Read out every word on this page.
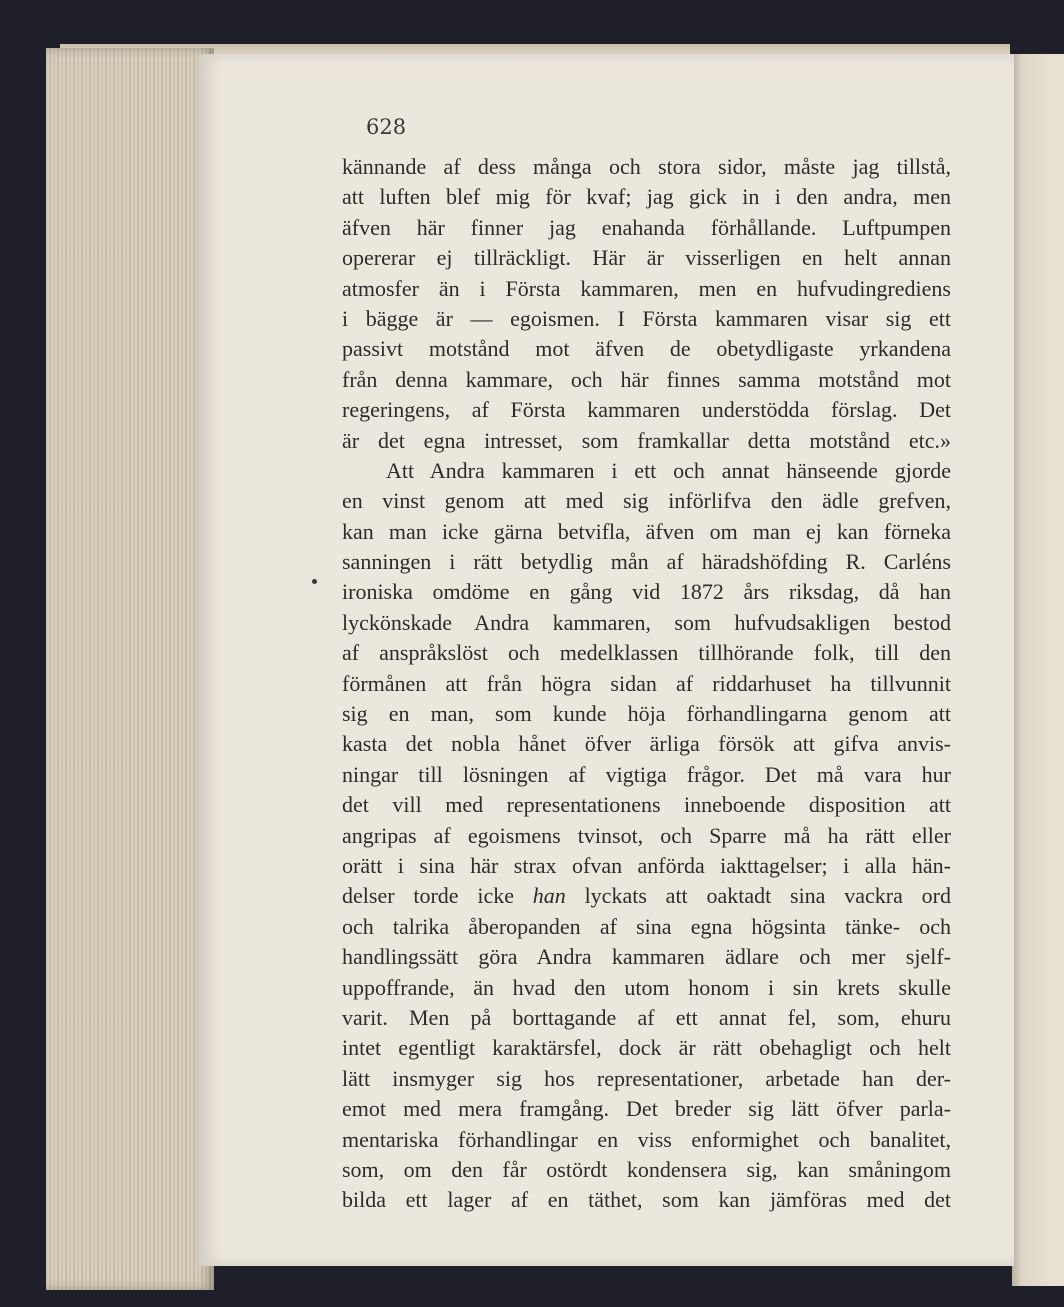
628
kännande af dess många och stora sidor, måste jag tillstå,
att luften blef mig för kvaf; jag gick in i den andra, men
äfven här finner jag enahanda förhållande. Luftpumpen
opererar ej tillräckligt. Här är visserligen en helt annan
atmosfer än i Första kammaren, men en hufvudingrediens
i bägge är — egoismen. I Första kammaren visar sig ett
passivt motstånd mot äfven de obetydligaste yrkandena
från denna kammare, och här finnes samma motstånd mot
regeringens, af Första kammaren understödda förslag. Det
är det egna intresset, som framkallar detta motstånd etc.»
Att Andra kammaren i ett och annat hänseende gjorde
en vinst genom att med sig införlifva den ädle grefven,
kan man icke gärna betvifla, äfven om man ej kan förneka
sanningen i rätt betydlig mån af häradshöfding R. Carléns
ironiska omdöme en gång vid 1872 års riksdag, då han
lyckönskade Andra kammaren, som hufvudsakligen bestod
af anspråkslöst och medelklassen tillhörande folk, till den
förmånen att från högra sidan af riddarhuset ha tillvunnit
sig en man, som kunde höja förhandlingarna genom att
kasta det nobla hånet öfver ärliga försök att gifva anvis-
ningar till lösningen af vigtiga frågor. Det må vara hur
det vill med representationens inneboende disposition att
angripas af egoismens tvinsot, och Sparre må ha rätt eller
orätt i sina här strax ofvan anförda iakttagelser; i alla hän-
delser torde icke han lyckats att oaktadt sina vackra ord
och talrika åberopanden af sina egna högsinta tänke- och
handlingssätt göra Andra kammaren ädlare och mer sjelf-
uppoffrande, än hvad den utom honom i sin krets skulle
varit. Men på borttagande af ett annat fel, som, ehuru
intet egentligt karaktärsfel, dock är rätt obehagligt och helt
lätt insmyger sig hos representationer, arbetade han der-
emot med mera framgång. Det breder sig lätt öfver parla-
mentariska förhandlingar en viss enformighet och banalitet,
som, om den får ostördt kondensera sig, kan småningom
bilda ett lager af en täthet, som kan jämföras med det
